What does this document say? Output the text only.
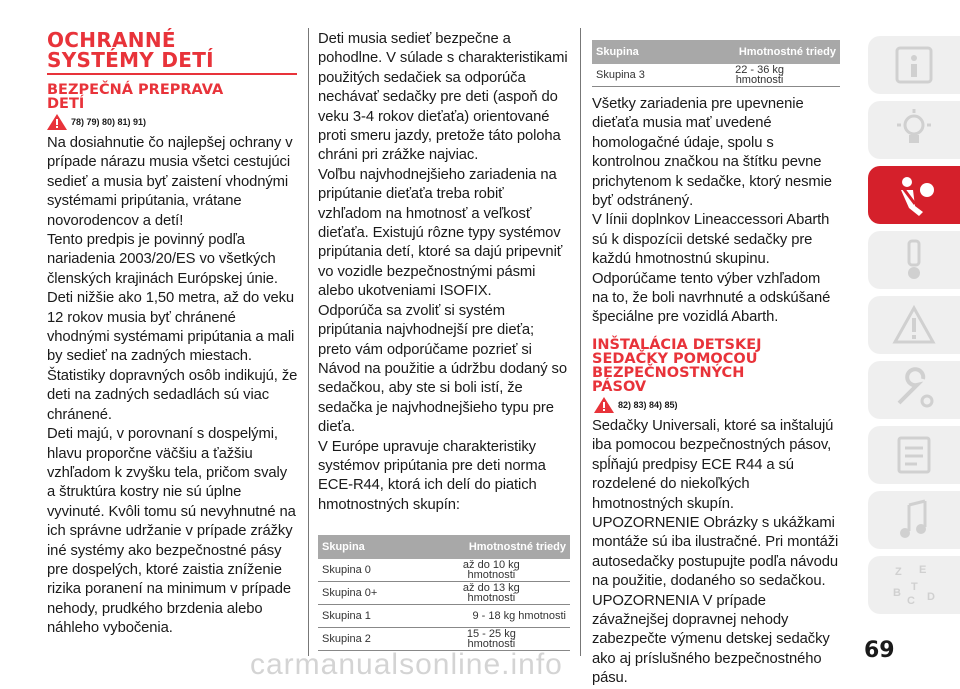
OCHRANNÉ
SYSTÉMY DETÍ
BEZPEČNÁ PREPRAVA
DETÍ
78) 79) 80) 81) 91)

Na dosiahnutie čo najlepšej ochrany v prípade nárazu musia všetci cestujúci sedieť a musia byť zaistení vhodnými systémami pripútania, vrátane novorodencov a detí!

Tento predpis je povinný podľa nariadenia 2003/20/ES vo všetkých členských krajinách Európskej únie.

Deti nižšie ako 1,50 metra, až do veku 12 rokov musia byť chránené vhodnými systémami pripútania a mali by sedieť na zadných miestach.

Štatistiky dopravných osôb indikujú, že deti na zadných sedadlách sú viac chránené.

Deti majú, v porovnaní s dospelými, hlavu proporčne väčšiu a ťažšiu vzhľadom k zvyšku tela, pričom svaly a štruktúra kostry nie sú úplne vyvinuté. Kvôli tomu sú nevyhnutné na ich správne udržanie v prípade zrážky iné systémy ako bezpečnostné pásy pre dospelých, ktoré zaistia zníženie rizika poranení na minimum v prípade nehody, prudkého brzdenia alebo náhleho vybočenia.

Deti musia sedieť bezpečne a pohodlne. V súlade s charakteristikami použitých sedačiek sa odporúča nechávať sedačky pre deti (aspoň do veku 3-4 rokov dieťaťa) orientované proti smeru jazdy, pretože táto poloha chráni pri zrážke najviac.

Voľbu najvhodnejšieho zariadenia na pripútanie dieťaťa treba robiť vzhľadom na hmotnosť a veľkosť dieťaťa. Existujú rôzne typy systémov pripútania detí, ktoré sa dajú pripevniť vo vozidle bezpečnostnými pásmi alebo ukotveniami ISOFIX.

Odporúča sa zvoliť si systém pripútania najvhodnejší pre dieťa; preto vám odporúčame pozrieť si Návod na použitie a údržbu dodaný so sedačkou, aby ste si boli istí, že sedačka je najvhodnejšieho typu pre dieťa.

V Európe upravuje charakteristiky systémov pripútania pre deti norma ECE-R44, ktorá ich delí do piatich hmotnostných skupín:

Skupina	Hmotnostné triedy
Skupina 0	až do 10 kg
hmotnosti

Skupina 0+	až do 13 kg
hmotnosti

Skupina 1	9 - 18 kg hmotnosti
Skupina 2	15 - 25 kg
hmotnosti
Skupina	Hmotnostné triedy
Skupina 3	22 - 36 kg
hmotnosti

Všetky zariadenia pre upevnenie dieťaťa musia mať uvedené homologačné údaje, spolu s kontrolnou značkou na štítku pevne prichytenom k sedačke, ktorý nesmie byť odstránený.

V línii doplnkov Lineaccessori Abarth sú k dispozícii detské sedačky pre každú hmotnostnú skupinu. Odporúčame tento výber vzhľadom na to, že boli navrhnuté a odskúšané špeciálne pre vozidlá Abarth.

INŠTALÁCIA DETSKEJ
SEDAČKY POMOCOU
BEZPEČNOSTNÝCH
PÁSOV
82) 83) 84) 85)

Sedačky Universali, ktoré sa inštalujú iba pomocou bezpečnostných pásov, spĺňajú predpisy ECE R44 a sú rozdelené do niekoľkých hmotnostných skupín.

UPOZORNENIE Obrázky s ukážkami montáže sú iba ilustračné. Pri montáži autosedačky postupujte podľa návodu na použitie, dodaného so sedačkou.

UPOZORNENIA V prípade závažnejšej dopravnej nehody zabezpečte výmenu detskej sedačky ako aj príslušného bezpečnostného pásu.

Z E
B
C
T
D
carmanualsonline.info	69
